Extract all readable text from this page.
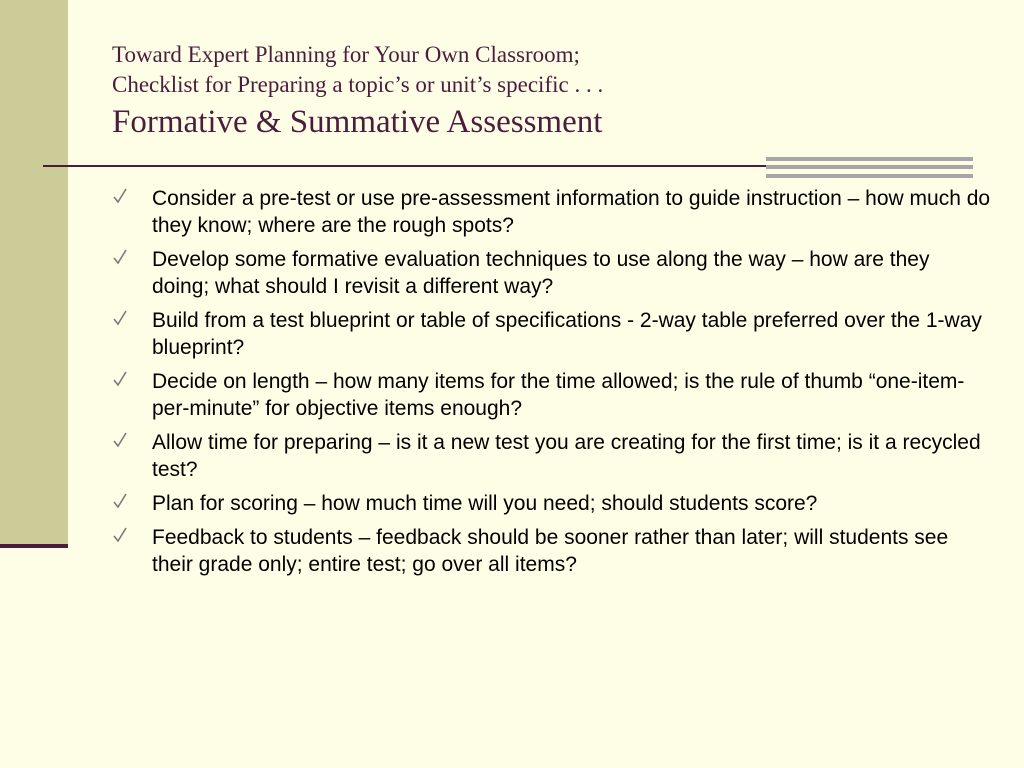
Toward Expert Planning for Your Own Classroom;
Checklist for Preparing a topic’s or unit’s specific . . .
Formative & Summative Assessment
Consider a pre-test or use pre-assessment information to guide instruction – how much do they know; where are the rough spots?
Develop some formative evaluation techniques to use along the way – how are they doing; what should I revisit a different way?
Build from a test blueprint or table of specifications - 2-way table preferred over the 1-way blueprint?
Decide on length – how many items for the time allowed; is the rule of thumb “one-item-per-minute” for objective items enough?
Allow time for preparing – is it a new test you are creating for the first time; is it a recycled test?
Plan for scoring – how much time will you need; should students score?
Feedback to students – feedback should be sooner rather than later; will students see their grade only; entire test; go over all items?
